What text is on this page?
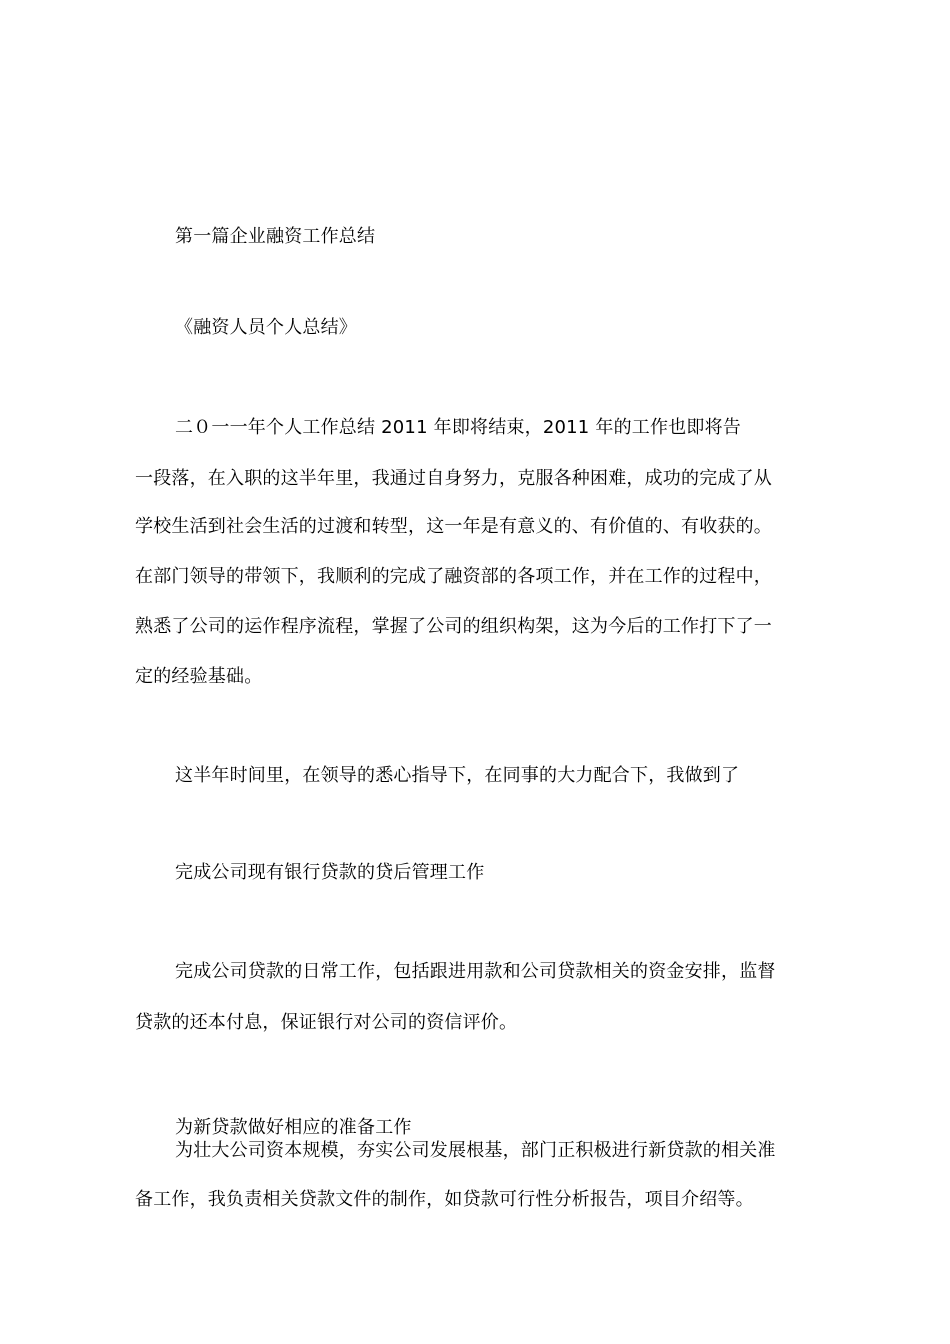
第一篇企业融资工作总结
《融资人员个人总结》
二０一一年个人工作总结 2011 年即将结束，2011 年的工作也即将告
一段落，在入职的这半年里，我通过自身努力，克服各种困难，成功的完成了从
学校生活到社会生活的过渡和转型，这一年是有意义的、有价值的、有收获的。
在部门领导的带领下，我顺利的完成了融资部的各项工作，并在工作的过程中，
熟悉了公司的运作程序流程，掌握了公司的组织构架，这为今后的工作打下了一
定的经验基础。
这半年时间里，在领导的悉心指导下，在同事的大力配合下，我做到了
完成公司现有银行贷款的贷后管理工作
完成公司贷款的日常工作，包括跟进用款和公司贷款相关的资金安排，监督
贷款的还本付息，保证银行对公司的资信评价。
为新贷款做好相应的准备工作
为壮大公司资本规模，夯实公司发展根基，部门正积极进行新贷款的相关准
备工作，我负责相关贷款文件的制作，如贷款可行性分析报告，项目介绍等。
